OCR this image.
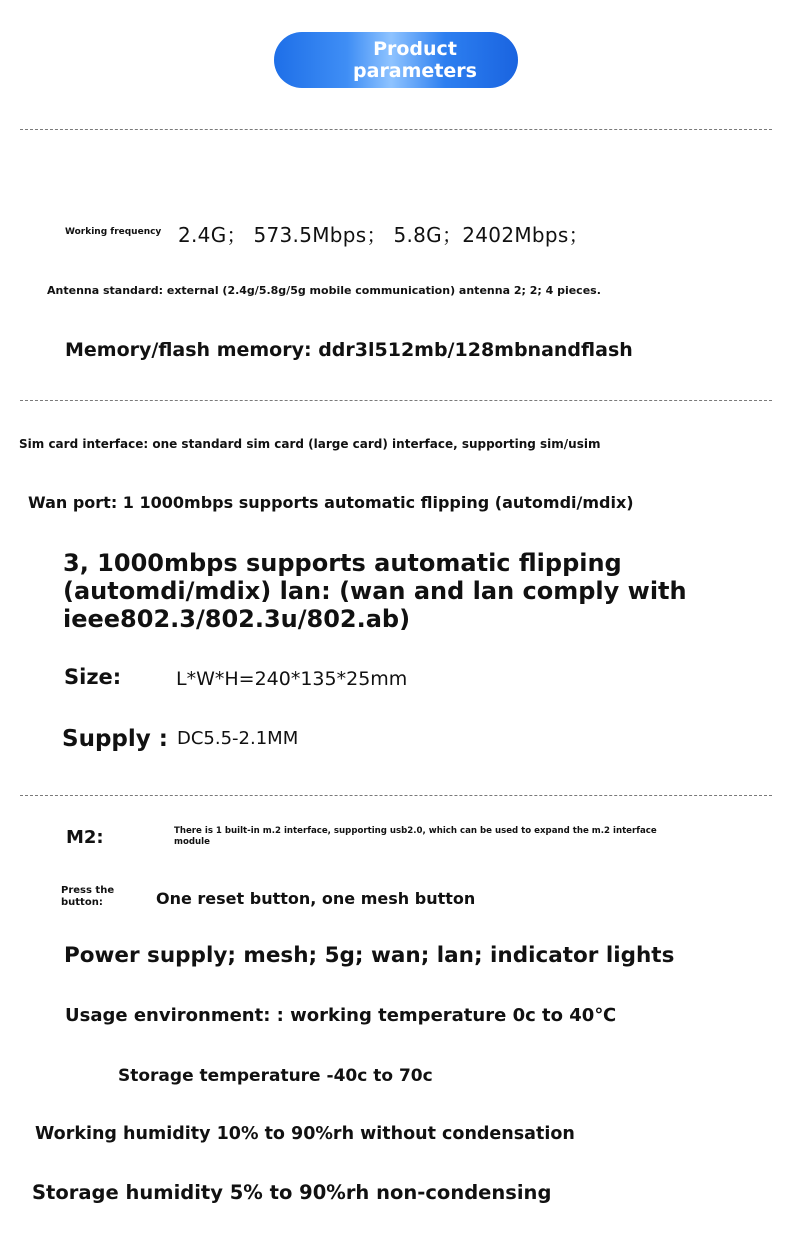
Product
parameters
Working frequency 2.4G； 573.5Mbps； 5.8G；2402Mbps；
Antenna standard: external (2.4g/5.8g/5g mobile communication) antenna 2; 2; 4 pieces.
Memory/flash memory: ddr3l512mb/128mbnandflash
Sim card interface: one standard sim card (large card) interface, supporting sim/usim
Wan port: 1 1000mbps supports automatic flipping (automdi/mdix)
3, 1000mbps supports automatic flipping
(automdi/mdix) lan: (wan and lan comply with
ieee802.3/802.3u/802.ab)
Size:	L*W*H=240*135*25mm
Supply : DC5.5-2.1MM
M2:	There is 1 built-in m.2 interface, supporting usb2.0, which can be used to expand the m.2 interface
module
Press the
button:	One reset button, one mesh button
Power supply; mesh; 5g; wan; lan; indicator lights
Usage environment: : working temperature 0c to 40℃
Storage temperature -40c to 70c
Working humidity 10% to 90%rh without condensation
Storage humidity 5% to 90%rh non-condensing
